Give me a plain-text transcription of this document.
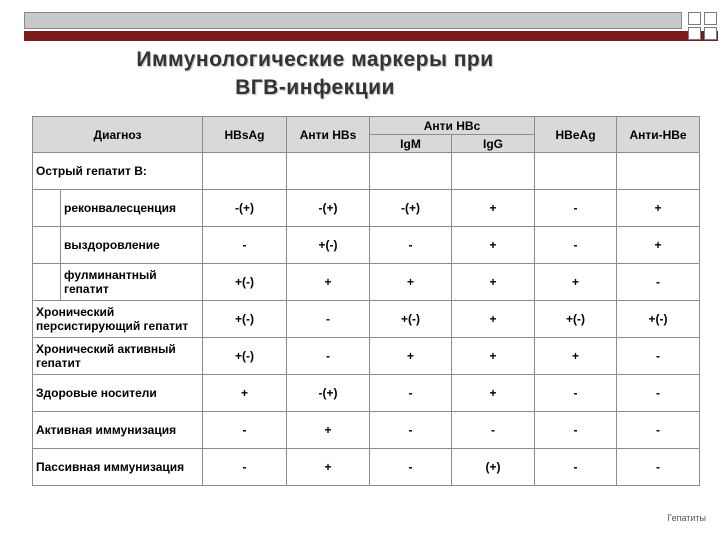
Иммунологические маркеры при
ВГВ-инфекции
Диагноз		HBsAg	Анти HBs	Анти HBc		HBeAg	Анти-HBe
				IgM	IgG		
Острый гепатит В:							
	реконвалесценция	-(+)	-(+)	-(+)	+	-	+
	выздоровление	-	+(-)	-	+	-	+
	фулминантный гепатит	+(-)	+	+	+	+	-
Хронический персистирующий гепатит		+(-)	-	+(-)	+	+(-)	+(-)
Хронический активный гепатит		+(-)	-	+	+	+	-
Здоровые носители		+	-(+)	-	+	-	-
Активная иммунизация		-	+	-	-	-	-
Пассивная иммунизация		-	+	-	(+)	-	-
Гепатиты
